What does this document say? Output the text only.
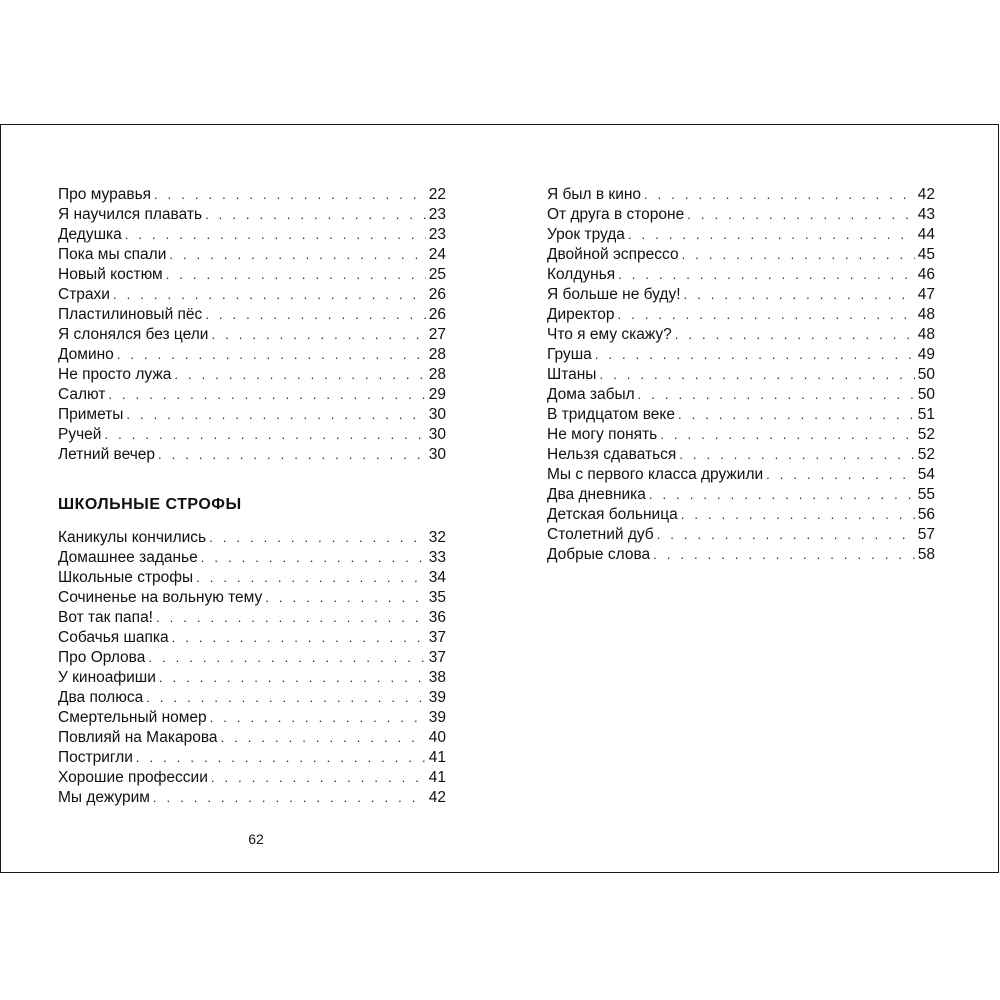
Про муравья . . .	22
Я научился плавать . . .	23
Дедушка . . .	23
Пока мы спали . . .	24
Новый костюм . . .	25
Страхи . . .	26
Пластилиновый пёс . . .	26
Я слонялся без цели . . .	27
Домино . . .	28
Не просто лужа . . .	28
Салют . . .	29
Приметы . . .	30
Ручей . . .	30
Летний вечер . . .	30
ШКОЛЬНЫЕ СТРОФЫ
Каникулы кончились . . .	32
Домашнее заданье . . .	33
Школьные строфы . . .	34
Сочиненье на вольную тему . . .	35
Вот так папа! . . .	36
Собачья шапка . . .	37
Про Орлова . . .	37
У киноафиши . . .	38
Два полюса . . .	39
Смертельный номер . . .	39
Повлияй на Макарова . . .	40
Постригли . . .	41
Хорошие профессии . . .	41
Мы дежурим . . .	42
Я был в кино . . .	42
От друга в стороне . . .	43
Урок труда . . .	44
Двойной эспрессо . . .	45
Колдунья . . .	46
Я больше не буду! . . .	47
Директор . . .	48
Что я ему скажу? . . .	48
Груша . . .	49
Штаны . . .	50
Дома забыл . . .	50
В тридцатом веке . . .	51
Не могу понять . . .	52
Нельзя сдаваться . . .	52
Мы с первого класса дружили . . .	54
Два дневника . . .	55
Детская больница . . .	56
Столетний дуб . . .	57
Добрые слова . . .	58
62
